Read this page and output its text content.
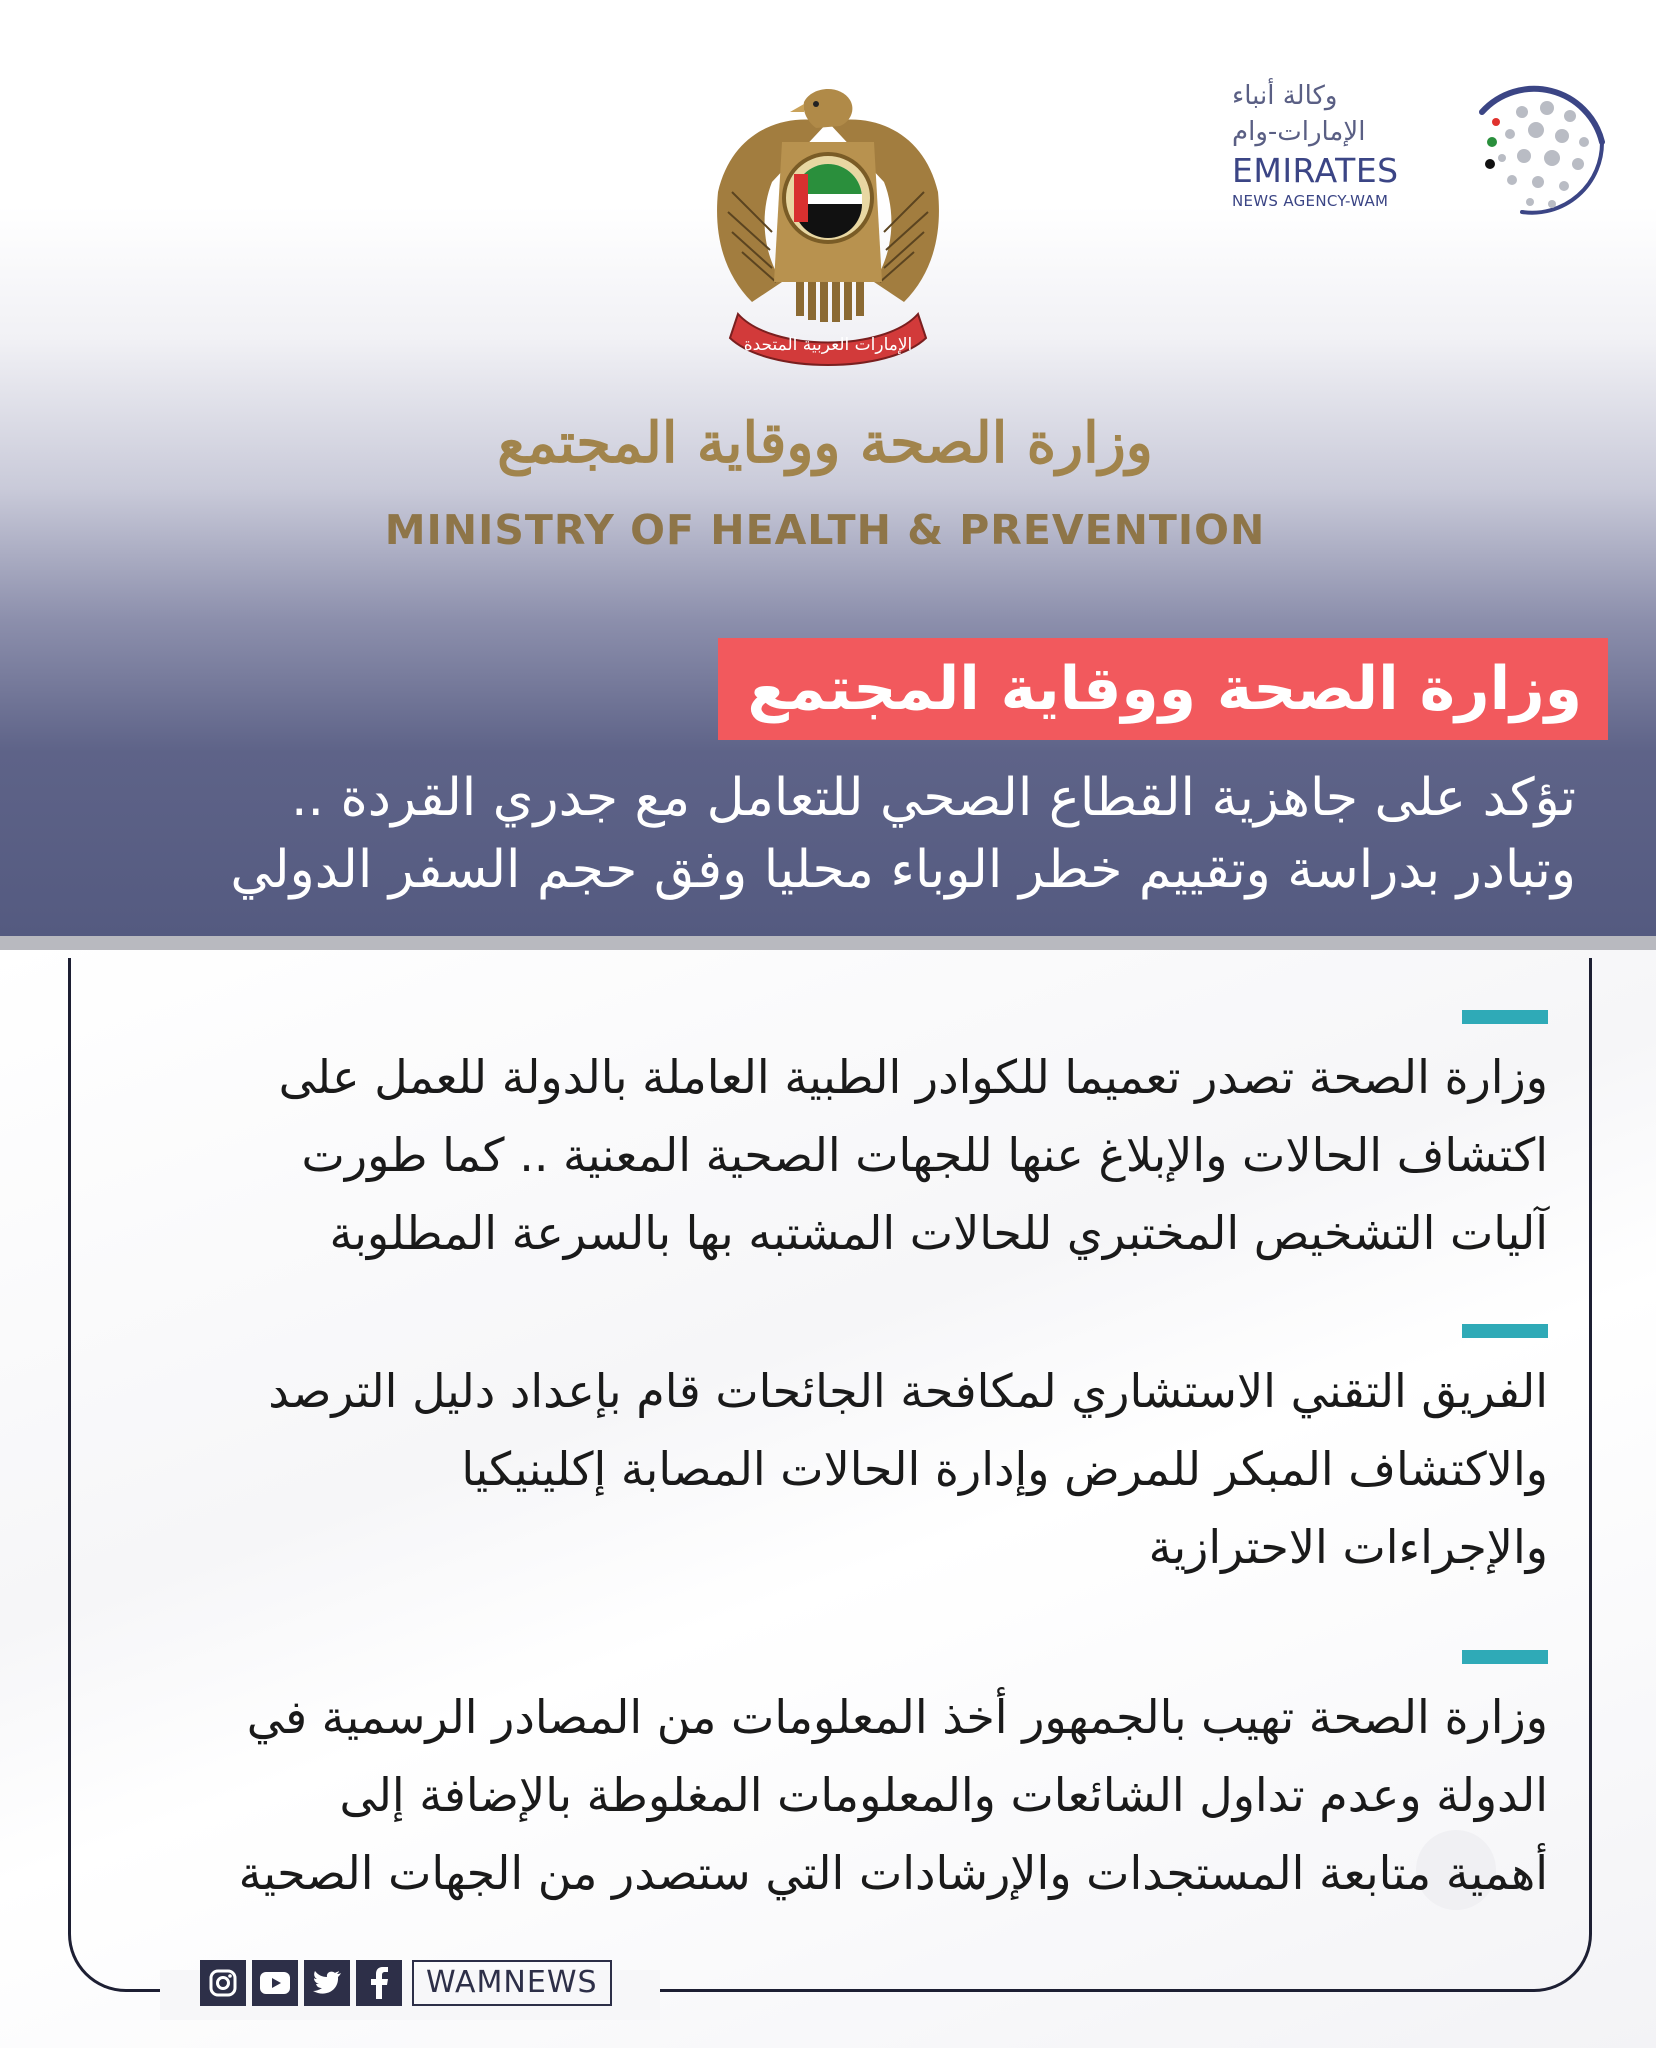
وكالة أنباء
الإمارات-وام
EMIRATES
NEWS AGENCY-WAM
الإمارات العربية المتحدة
وزارة الصحة ووقاية المجتمع
MINISTRY OF HEALTH & PREVENTION
وزارة الصحة ووقاية المجتمع
تؤكد على جاهزية القطاع الصحي للتعامل مع جدري القردة ..
وتبادر بدراسة وتقييم خطر الوباء محليا وفق حجم السفر الدولي
وزارة الصحة تصدر تعميما للكوادر الطبية العاملة بالدولة للعمل على
اكتشاف الحالات والإبلاغ عنها للجهات الصحية المعنية .. كما طورت
آليات التشخيص المختبري للحالات المشتبه بها بالسرعة المطلوبة
الفريق التقني الاستشاري لمكافحة الجائحات قام بإعداد دليل الترصد
والاكتشاف المبكر للمرض وإدارة الحالات المصابة إكلينيكيا
والإجراءات الاحترازية
وزارة الصحة تهيب بالجمهور أخذ المعلومات من المصادر الرسمية في
الدولة وعدم تداول الشائعات والمعلومات المغلوطة بالإضافة إلى
أهمية متابعة المستجدات والإرشادات التي ستصدر من الجهات الصحية
WAMNEWS
